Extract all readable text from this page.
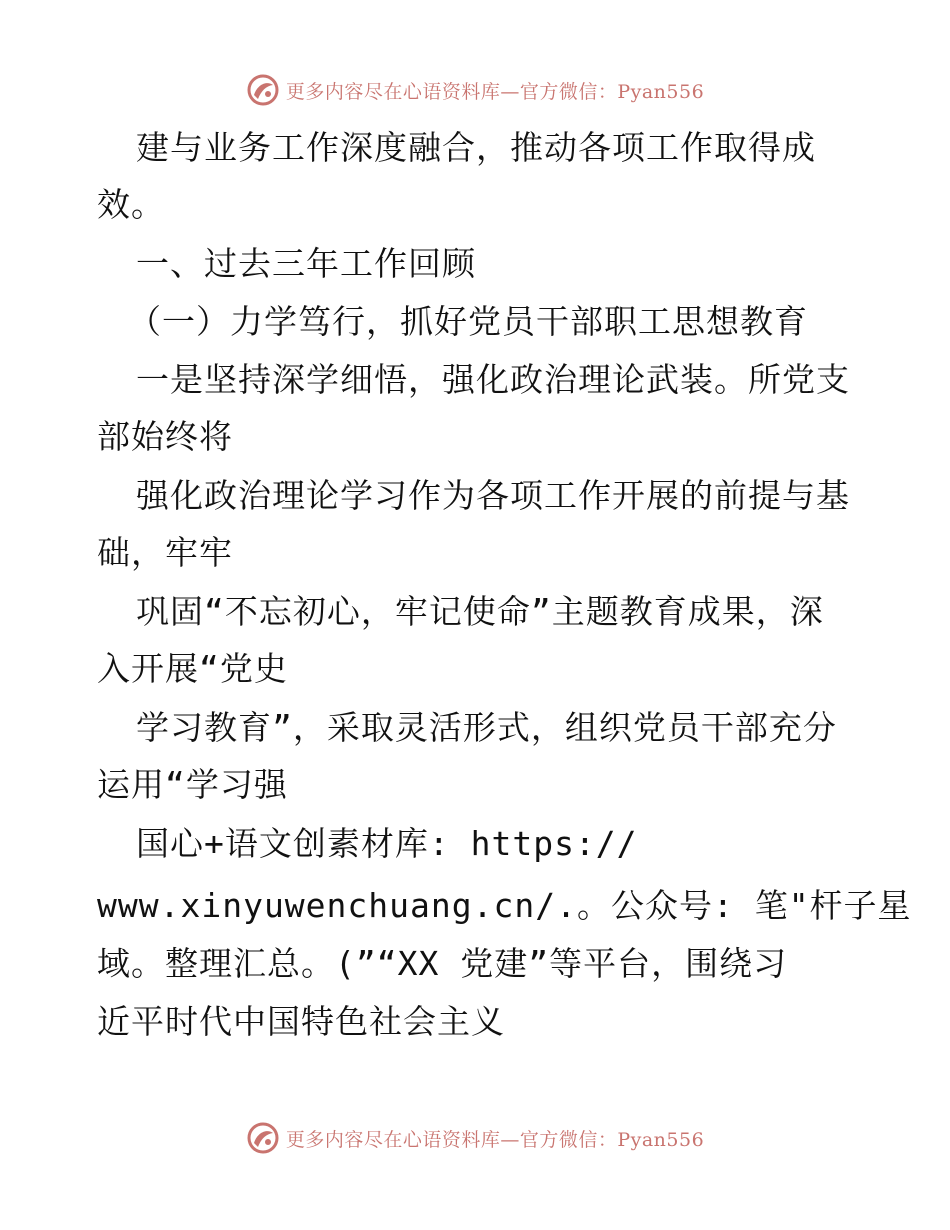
更多内容尽在心语资料库—官方微信：Pyan556
建与业务工作深度融合，推动各项工作取得成
效。
一、过去三年工作回顾
（一）力学笃行，抓好党员干部职工思想教育
一是坚持深学细悟，强化政治理论武装。所党支
部始终将
强化政治理论学习作为各项工作开展的前提与基
础，牢牢
巩固“不忘初心，牢记使命”主题教育成果，深
入开展“党史
学习教育”，采取灵活形式，组织党员干部充分
运用“学习强
国心+语文创素材库: https://
www.xinyuwenchuang.cn/.。公众号: 笔"杆子星
域。整理汇总。(”“XX 党建”等平台，围绕习
近平时代中国特色社会主义
更多内容尽在心语资料库—官方微信：Pyan556
